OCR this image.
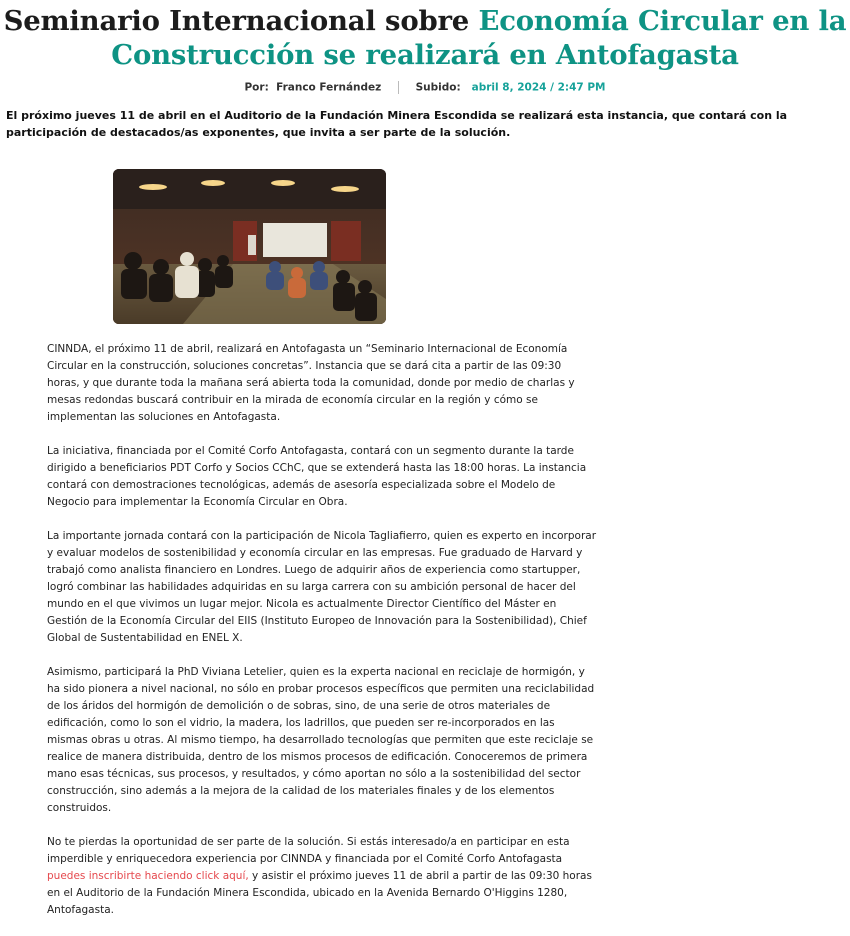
Seminario Internacional sobre Economía Circular en la Construcción se realizará en Antofagasta
Por: Franco Fernández	Subido: abril 8, 2024 / 2:47 PM

El próximo jueves 11 de abril en el Auditorio de la Fundación Minera Escondida se realizará esta instancia, que contará con la participación de destacados/as exponentes, que invita a ser parte de la solución.

CINNDA, el próximo 11 de abril, realizará en Antofagasta un “Seminario Internacional de Economía Circular en la construcción, soluciones concretas”. Instancia que se dará cita a partir de las 09:30 horas, y que durante toda la mañana será abierta toda la comunidad, donde por medio de charlas y mesas redondas buscará contribuir en la mirada de economía circular en la región y cómo se implementan las soluciones en Antofagasta.

La iniciativa, financiada por el Comité Corfo Antofagasta, contará con un segmento durante la tarde dirigido a beneficiarios PDT Corfo y Socios CChC, que se extenderá hasta las 18:00 horas. La instancia contará con demostraciones tecnológicas, además de asesoría especializada sobre el Modelo de Negocio para implementar la Economía Circular en Obra.

La importante jornada contará con la participación de Nicola Tagliafierro, quien es experto en incorporar y evaluar modelos de sostenibilidad y economía circular en las empresas. Fue graduado de Harvard y trabajó como analista financiero en Londres. Luego de adquirir años de experiencia como startupper, logró combinar las habilidades adquiridas en su larga carrera con su ambición personal de hacer del mundo en el que vivimos un lugar mejor. Nicola es actualmente Director Científico del Máster en Gestión de la Economía Circular del EIIS (Instituto Europeo de Innovación para la Sostenibilidad), Chief Global de Sustentabilidad en ENEL X.

Asimismo, participará la PhD Viviana Letelier, quien es la experta nacional en reciclaje de hormigón, y ha sido pionera a nivel nacional, no sólo en probar procesos específicos que permiten una reciclabilidad de los áridos del hormigón de demolición o de sobras, sino, de una serie de otros materiales de edificación, como lo son el vidrio, la madera, los ladrillos, que pueden ser re-incorporados en las mismas obras u otras. Al mismo tiempo, ha desarrollado tecnologías que permiten que este reciclaje se realice de manera distribuida, dentro de los mismos procesos de edificación. Conoceremos de primera mano esas técnicas, sus procesos, y resultados, y cómo aportan no sólo a la sostenibilidad del sector construcción, sino además a la mejora de la calidad de los materiales finales y de los elementos construidos.

No te pierdas la oportunidad de ser parte de la solución. Si estás interesado/a en participar en esta imperdible y enriquecedora experiencia por CINNDA y financiada por el Comité Corfo Antofagasta puedes inscribirte haciendo click aquí, y asistir el próximo jueves 11 de abril a partir de las 09:30 horas en el Auditorio de la Fundación Minera Escondida, ubicado en la Avenida Bernardo O'Higgins 1280, Antofagasta.
